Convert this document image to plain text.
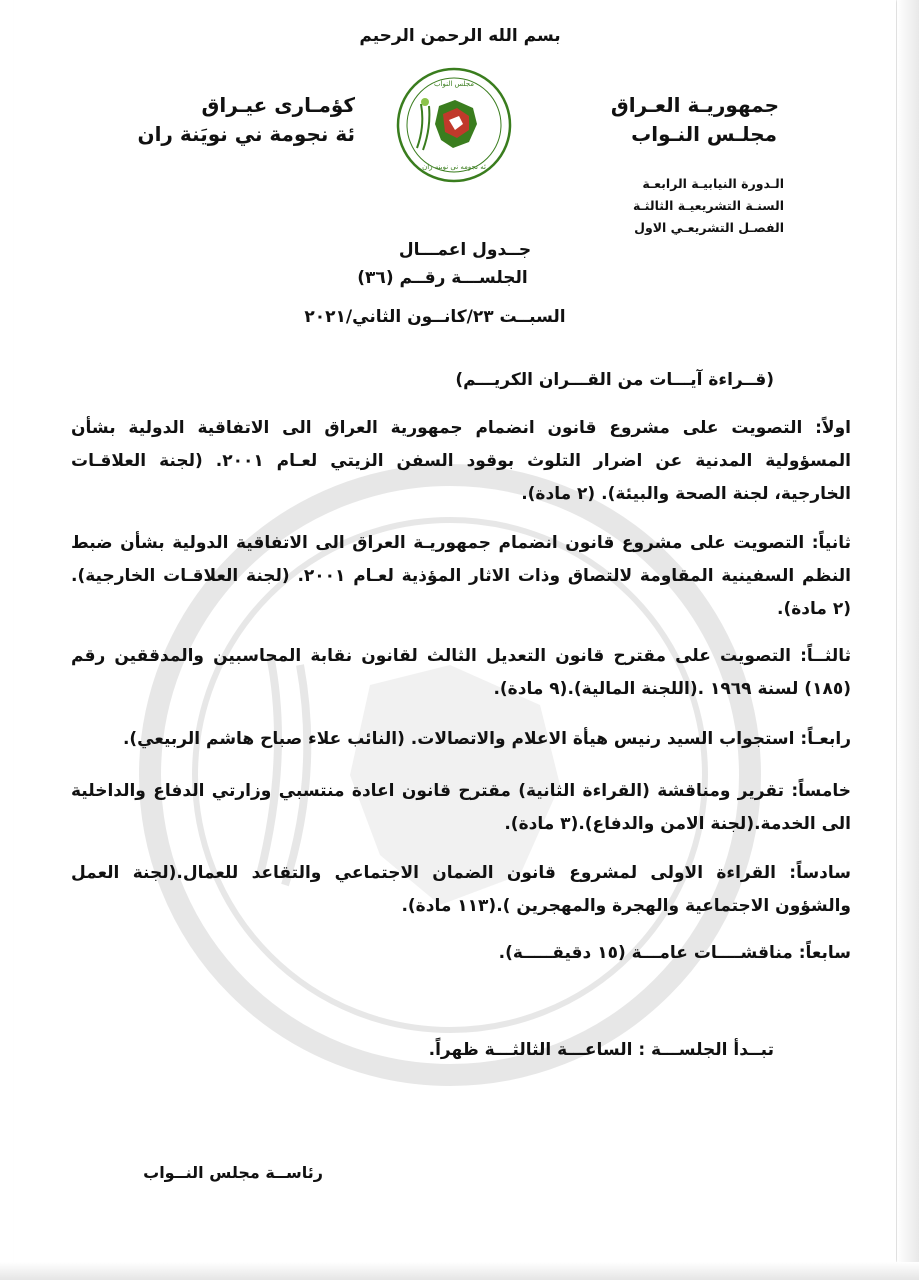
بسم الله الرحمن الرحيم
جمهوريـة العـراق
مجلـس النـواب
كؤمـارى عيـراق
ئة نجومة ني نويَنة ران
الـدورة النيابيـة الرابعـة
السنـة التشريعيـة الثالثـة
الفصـل التشريعـي الاول
مجلس النواب
ئه نجومه نى نوينه ران
جــدول اعمـــال
الجلســـة رقــم (٣٦)
السبــت ٢٣/كانــون الثاني/٢٠٢١
(قــراءة آيـــات من القـــران الكريـــم)
اولاً: التصويت على مشروع قانون انضمام جمهورية العراق الى الاتفاقية الدولية بشأن المسؤولية المدنية عن اضرار التلوث بوقود السفن الزيتي لعـام ٢٠٠١. (لجنة العلاقـات الخارجية، لجنة الصحة والبيئة). (٢ مادة).
ثانياً: التصويت على مشروع قانون انضمام جمهوريـة العراق الى الاتفاقية الدولية بشأن ضبط النظم السفينية المقاومة لالتصاق وذات الاثار المؤذية لعـام ٢٠٠١. (لجنة العلاقـات الخارجية). (٢ مادة).
ثالثــاً: التصويت على مقترح قانون التعديل الثالث لقانون نقابة المحاسبين والمدققين رقم (١٨٥) لسنة ١٩٦٩ .(اللجنة المالية).(٩ مادة).
رابعـاً: استجواب السيد رنيس هيأة الاعلام والاتصالات. (النائب علاء صباح هاشم الربيعي).
خامساً: تقرير ومناقشة (القراءة الثانية) مقترح قانون اعادة منتسبي وزارتي الدفاع والداخلية الى الخدمة.(لجنة الامن والدفاع).(٣ مادة).
سادساً: القراءة الاولى لمشروع قانون الضمان الاجتماعي والتقاعد للعمال.(لجنة العمل والشؤون الاجتماعية والهجرة والمهجرين ).(١١٣ مادة).
سابعاً: مناقشــــات عامـــة (١٥ دقيقـــــة).
تبــدأ الجلســـة : الساعـــة الثالثـــة ظهراً.
رئاســة مجلس النــواب
